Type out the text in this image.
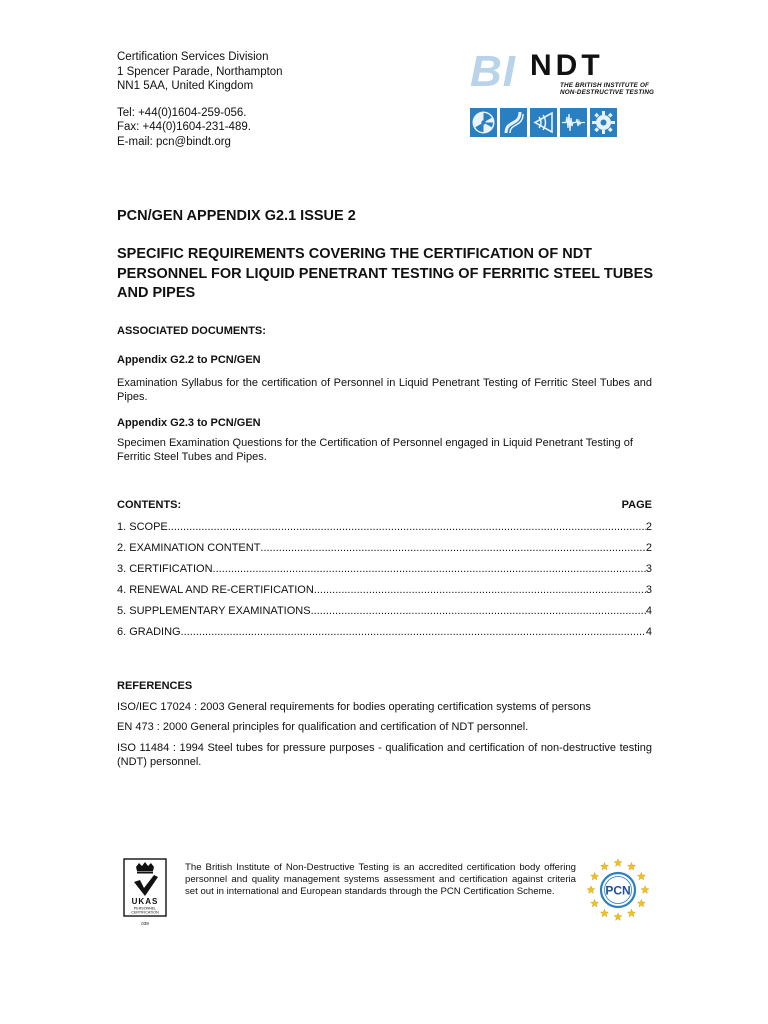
Certification Services Division
1 Spencer Parade, Northampton
NN1 5AA, United Kingdom
Tel: +44(0)1604-259-056.
Fax: +44(0)1604-231-489.
E-mail: pcn@bindt.org
BI NDT
THE BRITISH INSTITUTE OF
NON-DESTRUCTIVE TESTING
PCN/GEN APPENDIX G2.1 ISSUE 2
SPECIFIC REQUIREMENTS COVERING THE CERTIFICATION OF NDT PERSONNEL FOR LIQUID PENETRANT TESTING OF FERRITIC STEEL TUBES AND PIPES
ASSOCIATED DOCUMENTS:
Appendix G2.2 to PCN/GEN
Examination Syllabus for the certification of Personnel in Liquid Penetrant Testing of Ferritic Steel Tubes and Pipes.
Appendix G2.3 to PCN/GEN
Specimen Examination Questions for the Certification of Personnel engaged in Liquid Penetrant Testing of Ferritic Steel Tubes and Pipes.
CONTENTS:	PAGE
1. SCOPE .....	2
2. EXAMINATION CONTENT .....	2
3. CERTIFICATION .....	3
4. RENEWAL AND RE-CERTIFICATION .....	3
5. SUPPLEMENTARY EXAMINATIONS .....	4
6. GRADING .....	4
REFERENCES
ISO/IEC 17024 : 2003 General requirements for bodies operating certification systems of persons
EN 473 : 2000 General principles for qualification and certification of NDT personnel.
ISO 11484 : 1994 Steel tubes for pressure purposes - qualification and certification of non-destructive testing (NDT) personnel.
UKAS
PERSONNEL
CERTIFICATION
039
The British Institute of Non-Destructive Testing is an accredited certification body offering personnel and quality management systems assessment and certification against criteria set out in international and European standards through the PCN Certification Scheme.	PCN
